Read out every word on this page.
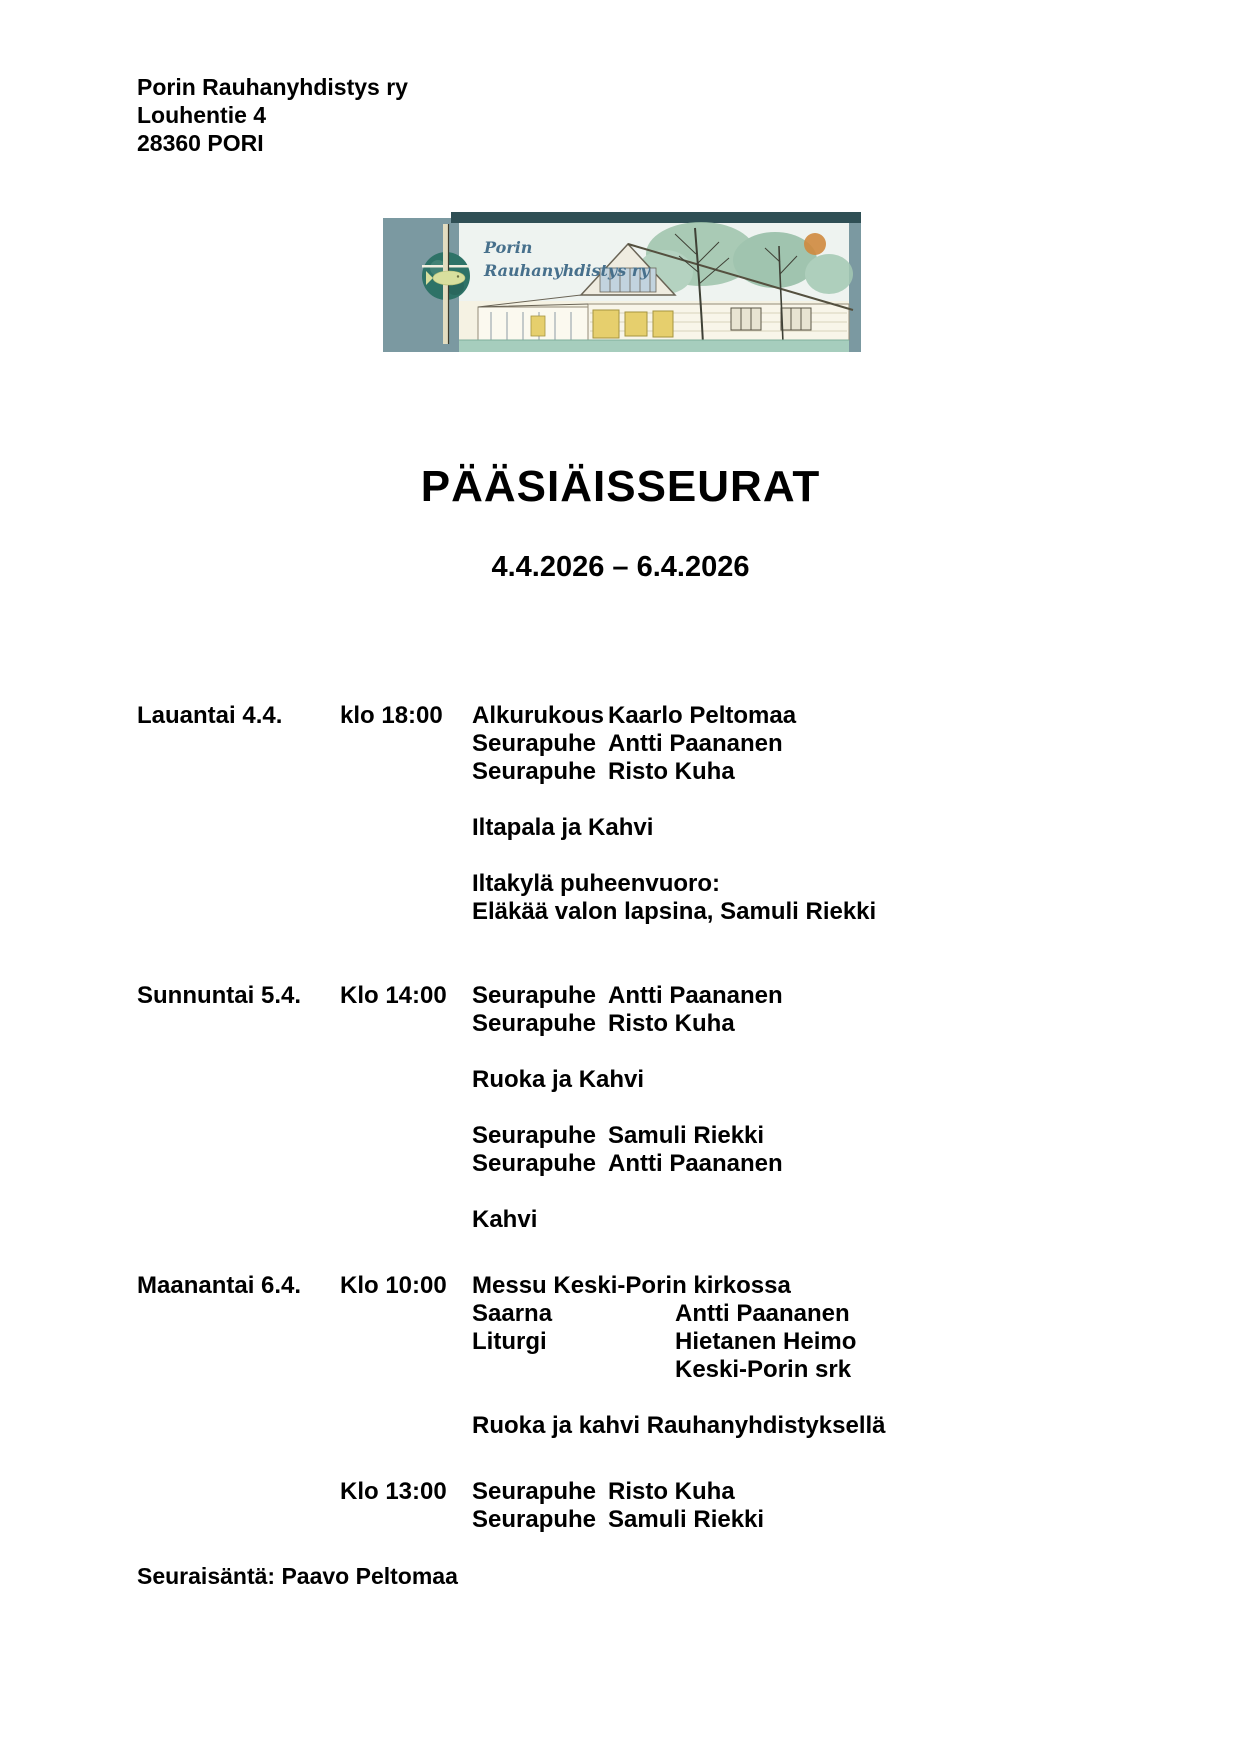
Porin Rauhanyhdistys ry
Louhentie 4
28360 PORI
Porin
Rauhanyhdistys ry
PÄÄSIÄISSEURAT
4.4.2026 – 6.4.2026
Lauantai 4.4.	klo 18:00	Alkurukous Kaarlo Peltomaa
Seurapuhe Antti Paananen
Seurapuhe Risto Kuha
Iltapala ja Kahvi
Iltakylä puheenvuoro:
Eläkää valon lapsina, Samuli Riekki
Sunnuntai 5.4.	Klo 14:00	Seurapuhe Antti Paananen
Seurapuhe Risto Kuha
Ruoka ja Kahvi
Seurapuhe Samuli Riekki
Seurapuhe Antti Paananen
Kahvi
Maanantai 6.4.	Klo 10:00	Messu Keski-Porin kirkossa
Saarna	Antti Paananen
Liturgi	Hietanen Heimo
Keski-Porin srk
Ruoka ja kahvi Rauhanyhdistyksellä
Klo 13:00	Seurapuhe Risto Kuha
Seurapuhe Samuli Riekki
Seuraisäntä: Paavo Peltomaa
